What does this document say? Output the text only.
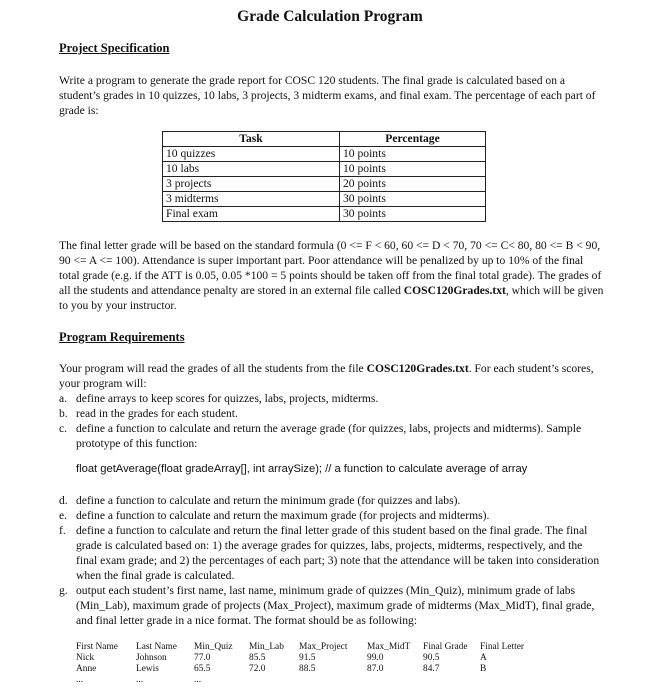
Grade Calculation Program
Project Specification
Write a program to generate the grade report for COSC 120 students. The final grade is calculated based on a student’s grades in 10 quizzes, 10 labs, 3 projects, 3 midterm exams, and final exam. The percentage of each part of grade is:
Task	Percentage
10 quizzes	10 points
10 labs	10 points
3 projects	20 points
3 midterms	30 points
Final exam	30 points
The final letter grade will be based on the standard formula (0 <= F < 60, 60 <= D < 70, 70 <= C< 80, 80 <= B < 90, 90 <= A <= 100). Attendance is super important part. Poor attendance will be penalized by up to 10% of the final total grade (e.g. if the ATT is 0.05, 0.05 *100 = 5 points should be taken off from the final total grade). The grades of all the students and attendance penalty are stored in an external file called COSC120Grades.txt, which will be given to you by your instructor.
Program Requirements
Your program will read the grades of all the students from the file COSC120Grades.txt. For each student’s scores, your program will:
a. define arrays to keep scores for quizzes, labs, projects, midterms.
b. read in the grades for each student.
c. define a function to calculate and return the average grade (for quizzes, labs, projects and midterms). Sample prototype of this function:
float getAverage(float gradeArray[], int arraySize); // a function to calculate average of array
d. define a function to calculate and return the minimum grade (for quizzes and labs).
e. define a function to calculate and return the maximum grade (for projects and midterms).
f. define a function to calculate and return the final letter grade of this student based on the final grade. The final grade is calculated based on: 1) the average grades for quizzes, labs, projects, midterms, respectively, and the final exam grade; and 2) the percentages of each part; 3) note that the attendance will be taken into consideration when the final grade is calculated.
g. output each student’s first name, last name, minimum grade of quizzes (Min_Quiz), minimum grade of labs (Min_Lab), maximum grade of projects (Max_Project), maximum grade of midterms (Max_MidT), final grade, and final letter grade in a nice format. The format should be as following:
First Name	Last Name	Min_Quiz	Min_Lab	Max_Project	Max_MidT	Final Grade	Final Letter
Nick	Johnson	77.0	85.5	91.5	99.0	90.5	A
Anne	Lewis	65.5	72.0	88.5	87.0	84.7	B
...	...	...					
